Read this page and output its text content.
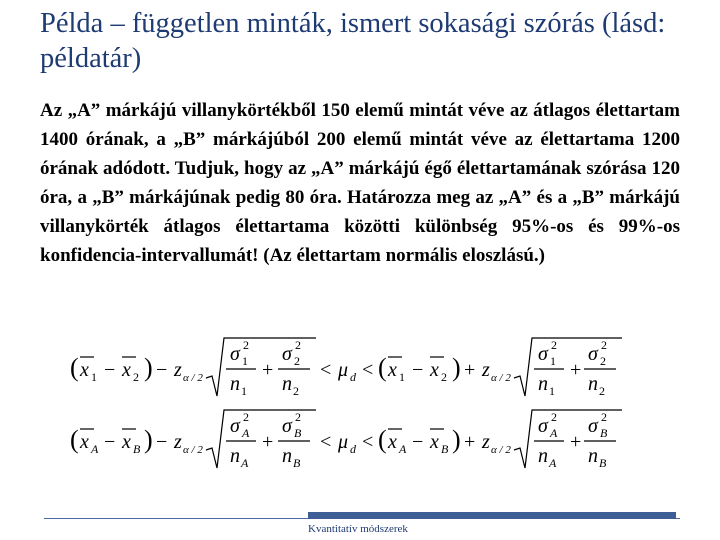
Példa – független minták, ismert sokasági szórás (lásd: példatár)
Az „A” márkájú villanykörtékből 150 elemű mintát véve az átlagos élettartam 1400 órának, a „B” márkájúból 200 elemű mintát véve az élettartama 1200 órának adódott. Tudjuk, hogy az „A” márkájú égő élettartamának szórása 120 óra, a „B” márkájúnak pedig 80 óra. Határozza meg az „A” és a „B” márkájú villanykörték átlagos élettartama közötti különbség 95%-os és 99%-os konfidencia-intervallumát! (Az élettartam normális eloszlású.)
( x 1 − x 2 ) − z α / 2
σ 1
2
n 1
+
σ 2
2
n 2
< μ d < ( x 1 − x 2 ) + z α / 2
σ 1
2
n 1
+
σ 2
2
n 2
( x A − x B ) − z α / 2
σ A
2
n A
+
σ B
2
n B
< μ d < ( x A − x B ) + z α / 2
σ A
2
n A
+
σ B
2
n B
Kvantitatív módszerek
